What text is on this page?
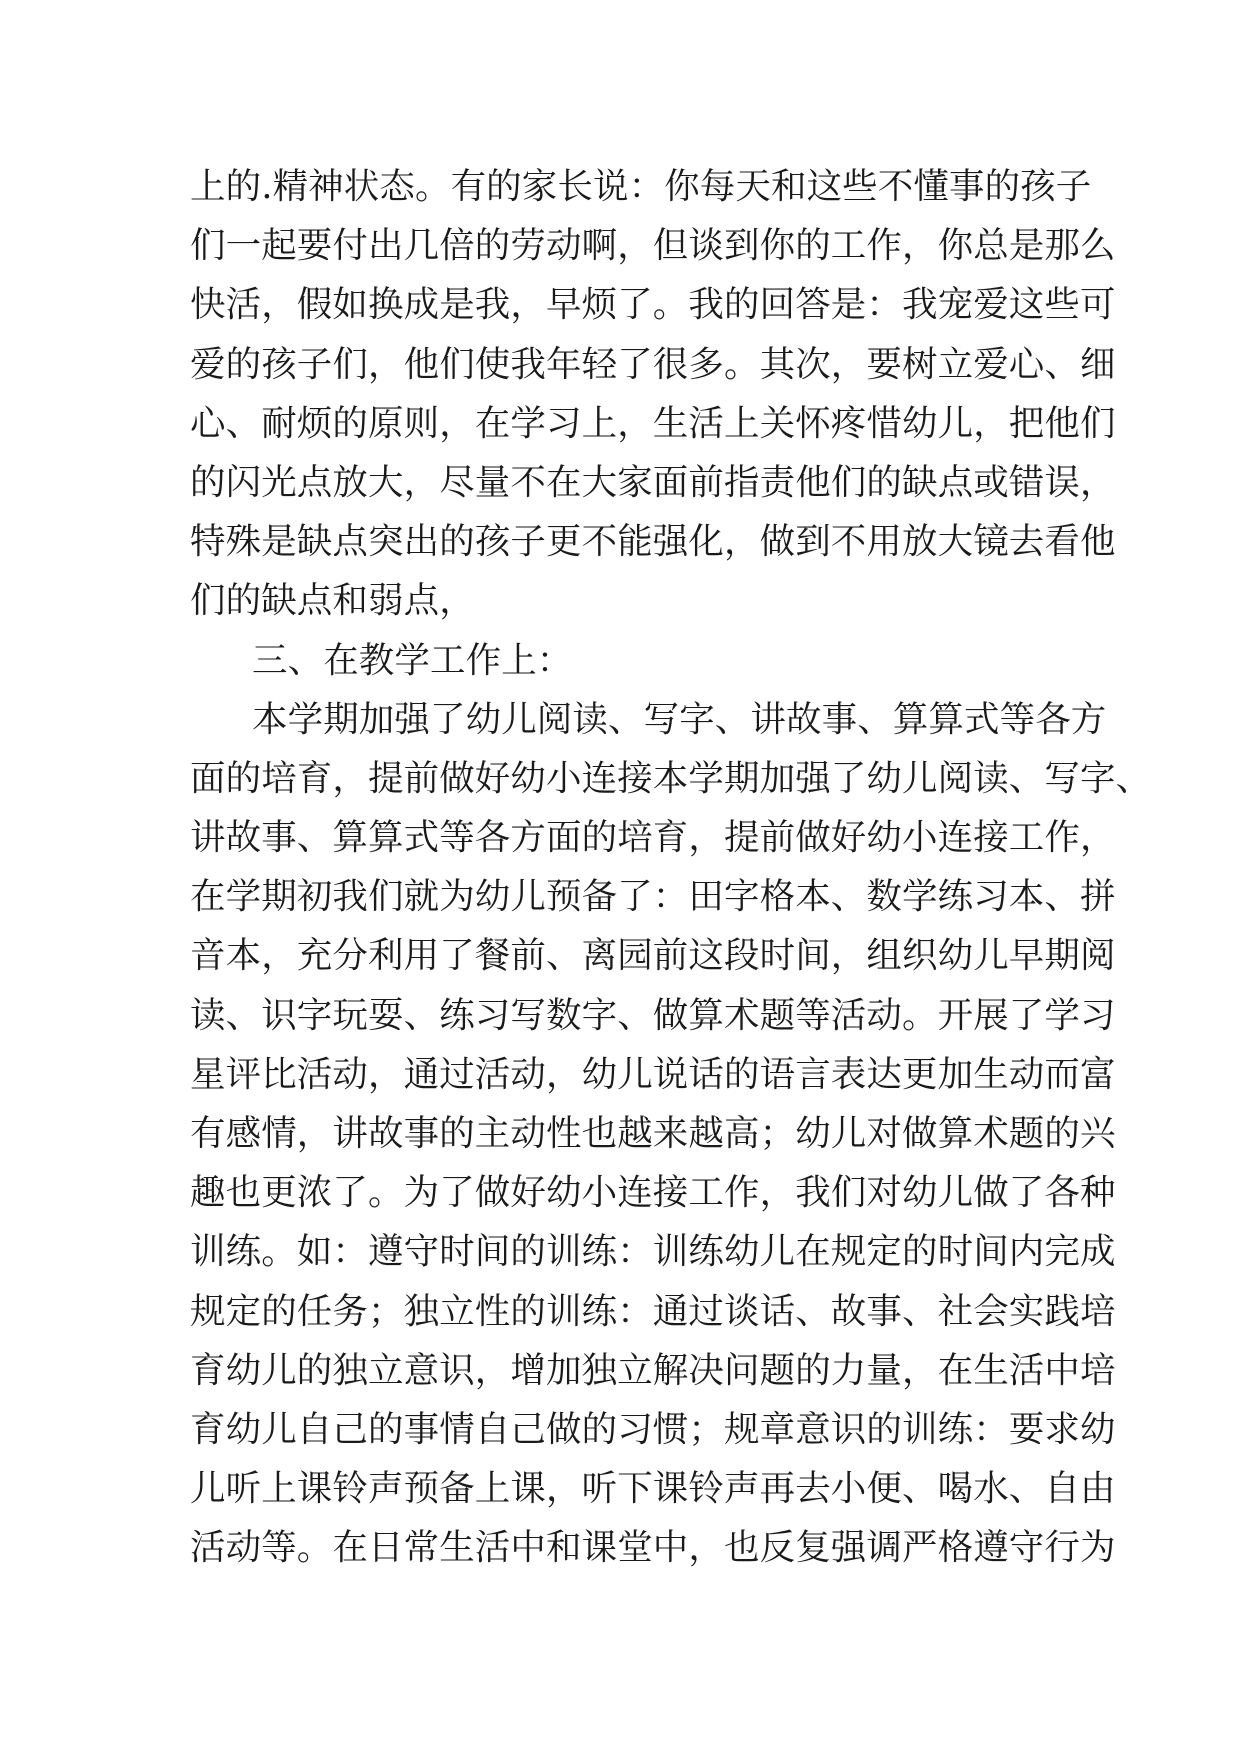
上的.精神状态。有的家长说：你每天和这些不懂事的孩子
们一起要付出几倍的劳动啊，但谈到你的工作，你总是那么
快活，假如换成是我，早烦了。我的回答是：我宠爱这些可
爱的孩子们，他们使我年轻了很多。其次，要树立爱心、细
心、耐烦的原则，在学习上，生活上关怀疼惜幼儿，把他们
的闪光点放大，尽量不在大家面前指责他们的缺点或错误，
特殊是缺点突出的孩子更不能强化，做到不用放大镜去看他
们的缺点和弱点，
三、在教学工作上：
本学期加强了幼儿阅读、写字、讲故事、算算式等各方
面的培育，提前做好幼小连接本学期加强了幼儿阅读、写字、
讲故事、算算式等各方面的培育，提前做好幼小连接工作，
在学期初我们就为幼儿预备了：田字格本、数学练习本、拼
音本，充分利用了餐前、离园前这段时间，组织幼儿早期阅
读、识字玩耍、练习写数字、做算术题等活动。开展了学习
星评比活动，通过活动，幼儿说话的语言表达更加生动而富
有感情，讲故事的主动性也越来越高；幼儿对做算术题的兴
趣也更浓了。为了做好幼小连接工作，我们对幼儿做了各种
训练。如：遵守时间的训练：训练幼儿在规定的时间内完成
规定的任务；独立性的训练：通过谈话、故事、社会实践培
育幼儿的独立意识，增加独立解决问题的力量，在生活中培
育幼儿自己的事情自己做的习惯；规章意识的训练：要求幼
儿听上课铃声预备上课，听下课铃声再去小便、喝水、自由
活动等。在日常生活中和课堂中，也反复强调严格遵守行为
